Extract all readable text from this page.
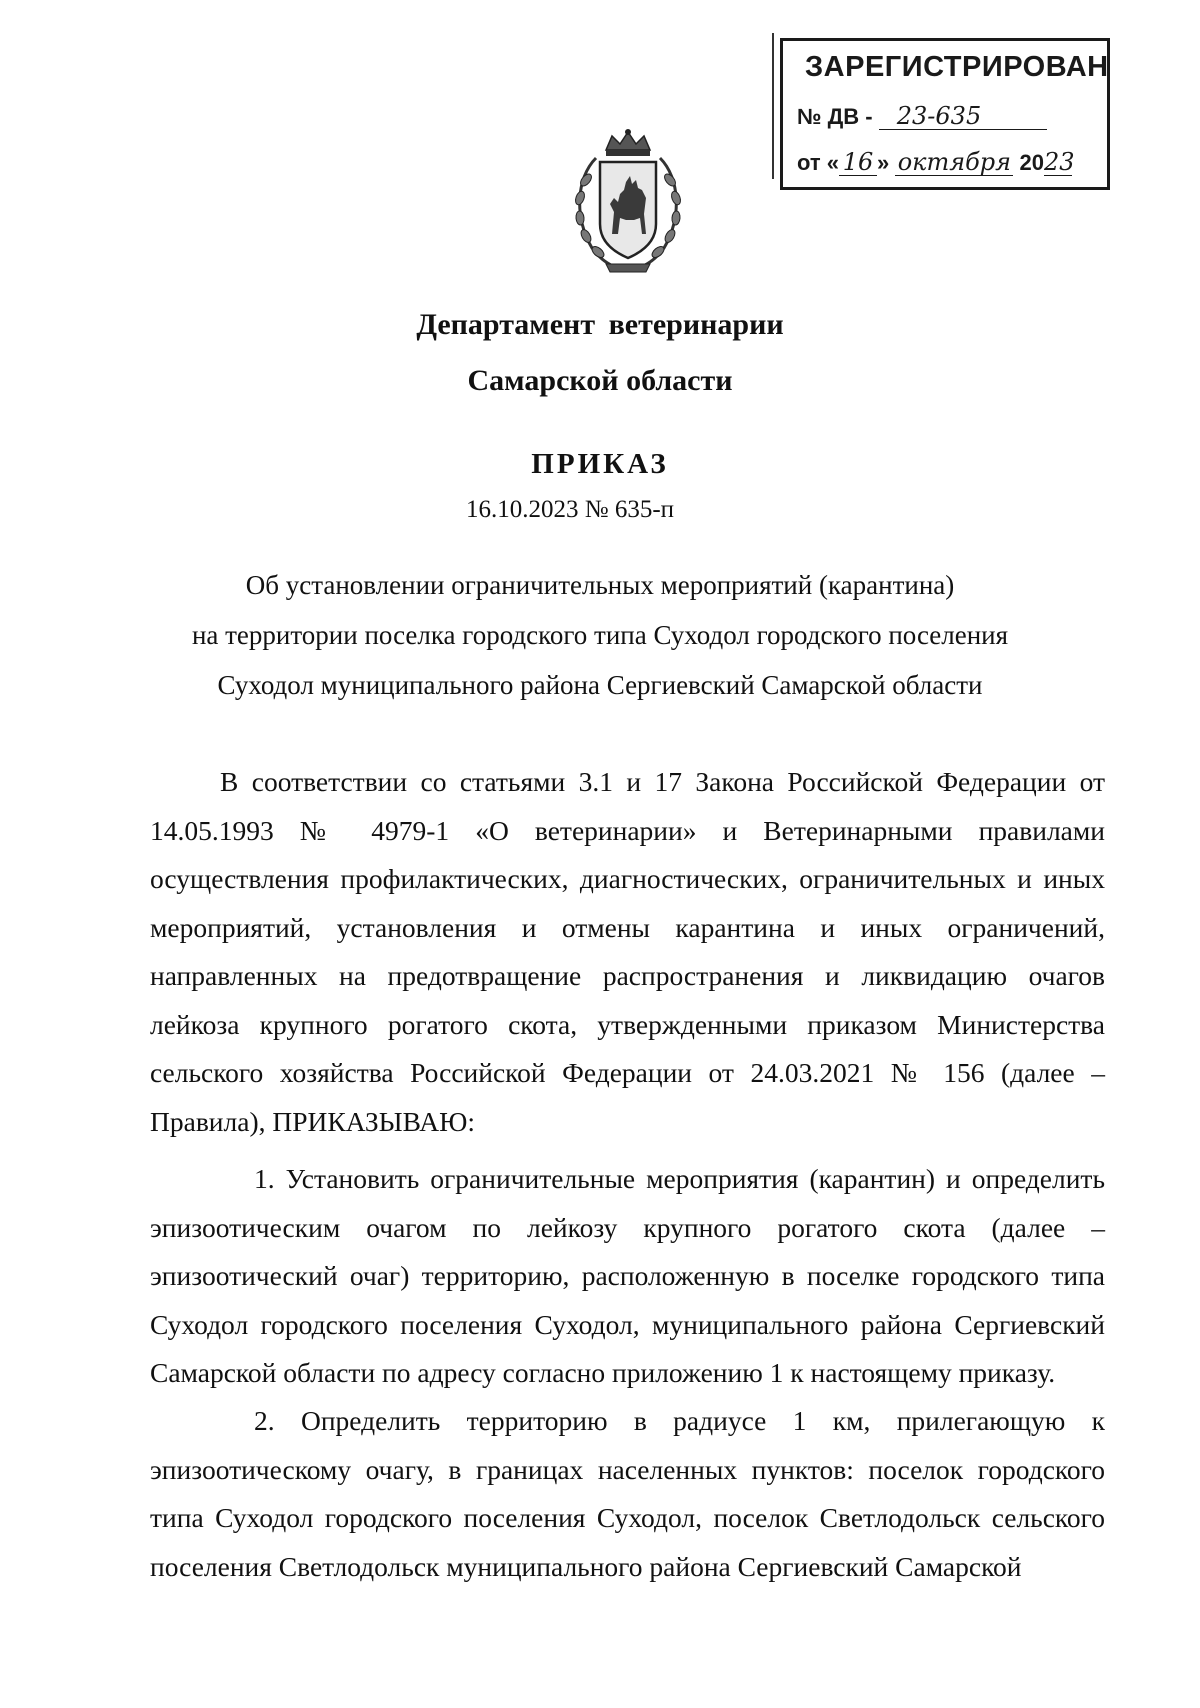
ЗАРЕГИСТРИРОВАН
№ ДВ - 23-635
от « 16 » октября 2023
Департамент ветеринарии
Самарской области
ПРИКАЗ
16.10.2023 № 635-п
Об установлении ограничительных мероприятий (карантина)
на территории поселка городского типа Суходол городского поселения
Суходол муниципального района Сергиевский Самарской области
В соответствии со статьями 3.1 и 17 Закона Российской Федерации от 14.05.1993 № 4979-1 «О ветеринарии» и Ветеринарными правилами осуществления профилактических, диагностических, ограничительных и иных мероприятий, установления и отмены карантина и иных ограничений, направленных на предотвращение распространения и ликвидацию очагов лейкоза крупного рогатого скота, утвержденными приказом Министерства сельского хозяйства Российской Федерации от 24.03.2021 № 156 (далее – Правила), ПРИКАЗЫВАЮ:
1. Установить ограничительные мероприятия (карантин) и определить эпизоотическим очагом по лейкозу крупного рогатого скота (далее – эпизоотический очаг) территорию, расположенную в поселке городского типа Суходол городского поселения Суходол, муниципального района Сергиевский Самарской области по адресу согласно приложению 1 к настоящему приказу.
2. Определить территорию в радиусе 1 км, прилегающую к эпизоотическому очагу, в границах населенных пунктов: поселок городского типа Суходол городского поселения Суходол, поселок Светлодольск сельского поселения Светлодольск муниципального района Сергиевский Самарской
